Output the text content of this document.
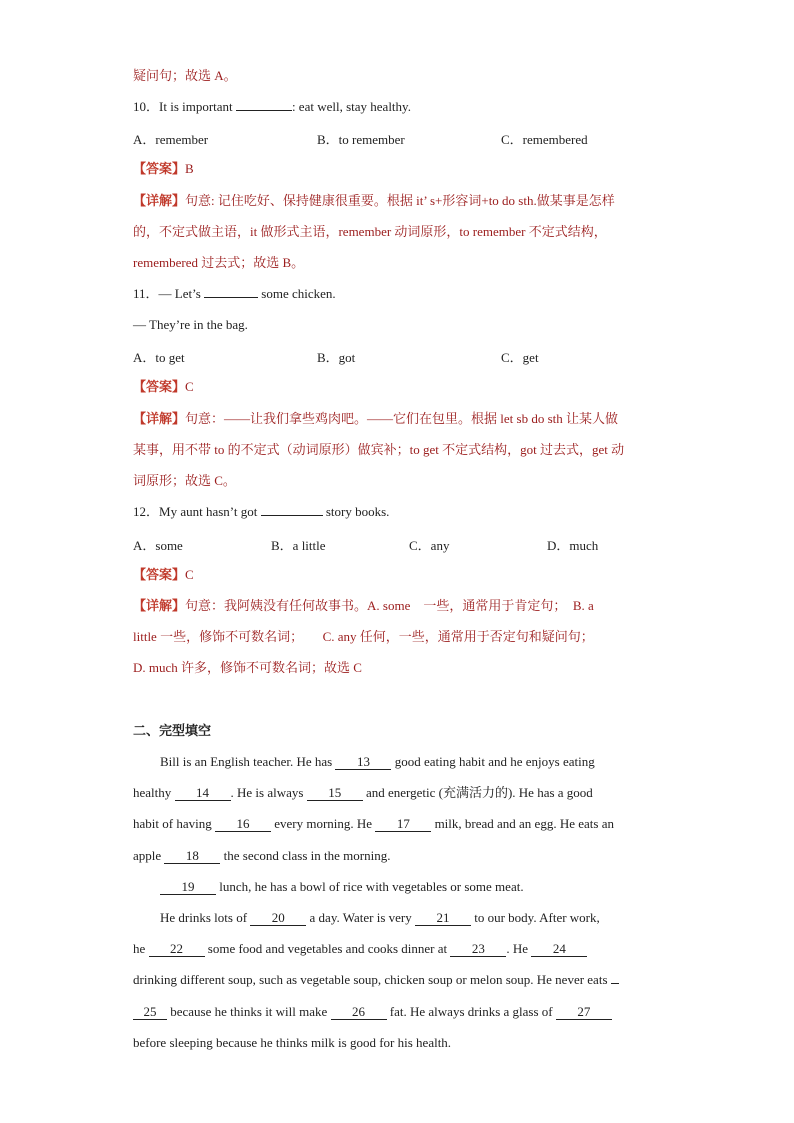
疑问句；故选 A。
10．It is important	: eat well, stay healthy.
A．remember	B．to remember	C．remembered
【答案】B
【详解】句意: 记住吃好、保持健康很重要。根据 it’ s+形容词+to do sth.做某事是怎样
的，不定式做主语，it 做形式主语，remember 动词原形，to remember 不定式结构，
remembered 过去式；故选 B。
11．— Let’s	some chicken.
— They’re in the bag.
A．to get	B．got	C．get
【答案】C
【详解】句意：——让我们拿些鸡肉吧。——它们在包里。根据 let sb do sth 让某人做
某事，用不带 to 的不定式（动词原形）做宾补；to get 不定式结构，got 过去式，get 动
词原形；故选 C。
12．My aunt hasn’t got	story books.
A．some	B．a little	C．any	D．much
【答案】C
【详解】句意：我阿姨没有任何故事书。A. some　一些，通常用于肯定句；　B. a
little 一些，修饰不可数名词；　　C. any 任何，一些，通常用于否定句和疑问句；
D. much 许多，修饰不可数名词；故选 C
二、完型填空
Bill is an English teacher. He has 13 good eating habit and he enjoys eating
healthy 14 . He is always 15 and energetic (充满活力的). He has a good
habit of having 16 every morning. He 17 milk, bread and an egg. He eats an
apple 18 the second class in the morning.
19 lunch, he has a bowl of rice with vegetables or some meat.
He drinks lots of 20 a day. Water is very 21 to our body. After work,
he 22 some food and vegetables and cooks dinner at 23 . He 24
drinking different soup, such as vegetable soup, chicken soup or melon soup. He never eats
25 because he thinks it will make 26 fat. He always drinks a glass of 27
before sleeping because he thinks milk is good for his health.
